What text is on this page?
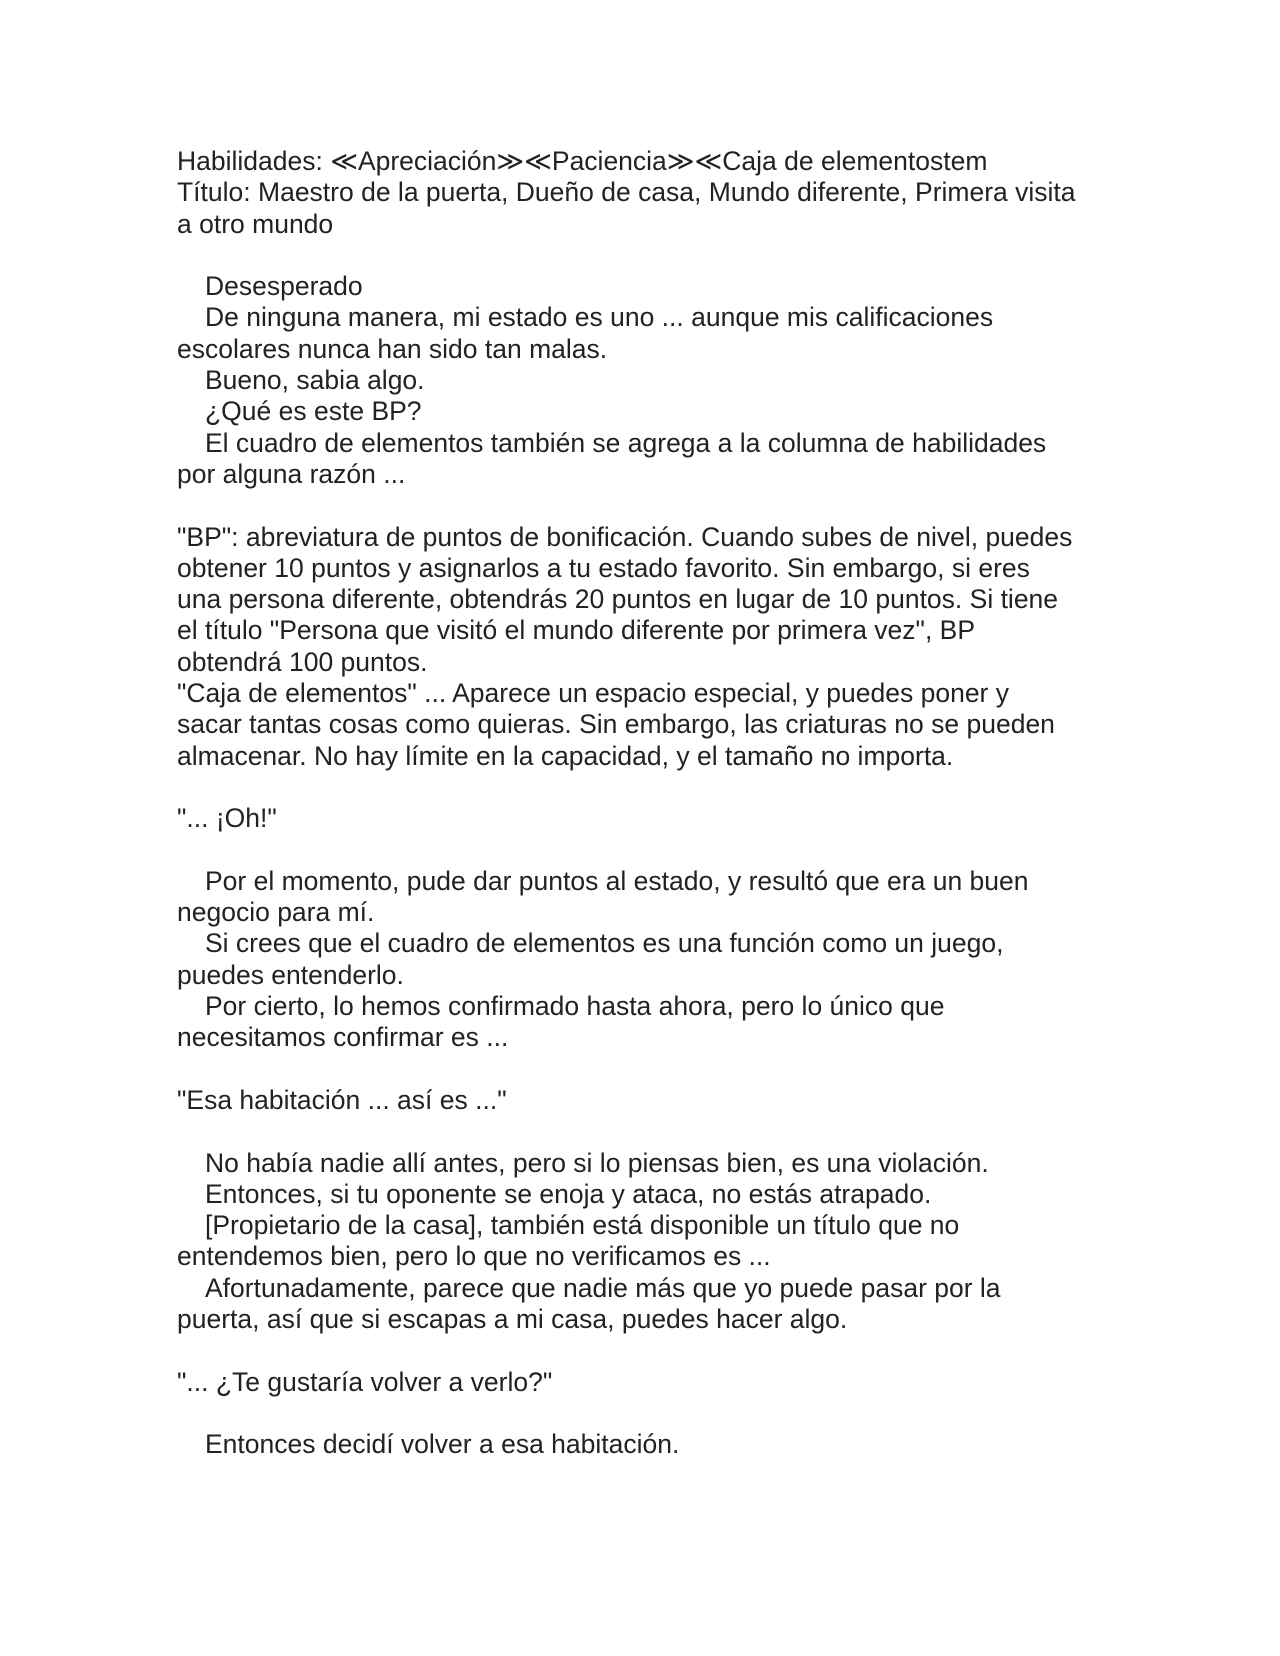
Habilidades: ≪Apreciación≫≪Paciencia≫≪Caja de elementostem
Título: Maestro de la puerta, Dueño de casa, Mundo diferente, Primera visita
a otro mundo
Desesperado
De ninguna manera, mi estado es uno ... aunque mis calificaciones
escolares nunca han sido tan malas.
Bueno, sabia algo.
¿Qué es este BP?
El cuadro de elementos también se agrega a la columna de habilidades
por alguna razón ...
"BP": abreviatura de puntos de bonificación. Cuando subes de nivel, puedes
obtener 10 puntos y asignarlos a tu estado favorito. Sin embargo, si eres
una persona diferente, obtendrás 20 puntos en lugar de 10 puntos. Si tiene
el título "Persona que visitó el mundo diferente por primera vez", BP
obtendrá 100 puntos.
"Caja de elementos" ... Aparece un espacio especial, y puedes poner y
sacar tantas cosas como quieras. Sin embargo, las criaturas no se pueden
almacenar. No hay límite en la capacidad, y el tamaño no importa.
"... ¡Oh!"
Por el momento, pude dar puntos al estado, y resultó que era un buen
negocio para mí.
Si crees que el cuadro de elementos es una función como un juego,
puedes entenderlo.
Por cierto, lo hemos confirmado hasta ahora, pero lo único que
necesitamos confirmar es ...
"Esa habitación ... así es ..."
No había nadie allí antes, pero si lo piensas bien, es una violación.
Entonces, si tu oponente se enoja y ataca, no estás atrapado.
[Propietario de la casa], también está disponible un título que no
entendemos bien, pero lo que no verificamos es ...
Afortunadamente, parece que nadie más que yo puede pasar por la
puerta, así que si escapas a mi casa, puedes hacer algo.
"... ¿Te gustaría volver a verlo?"
Entonces decidí volver a esa habitación.
